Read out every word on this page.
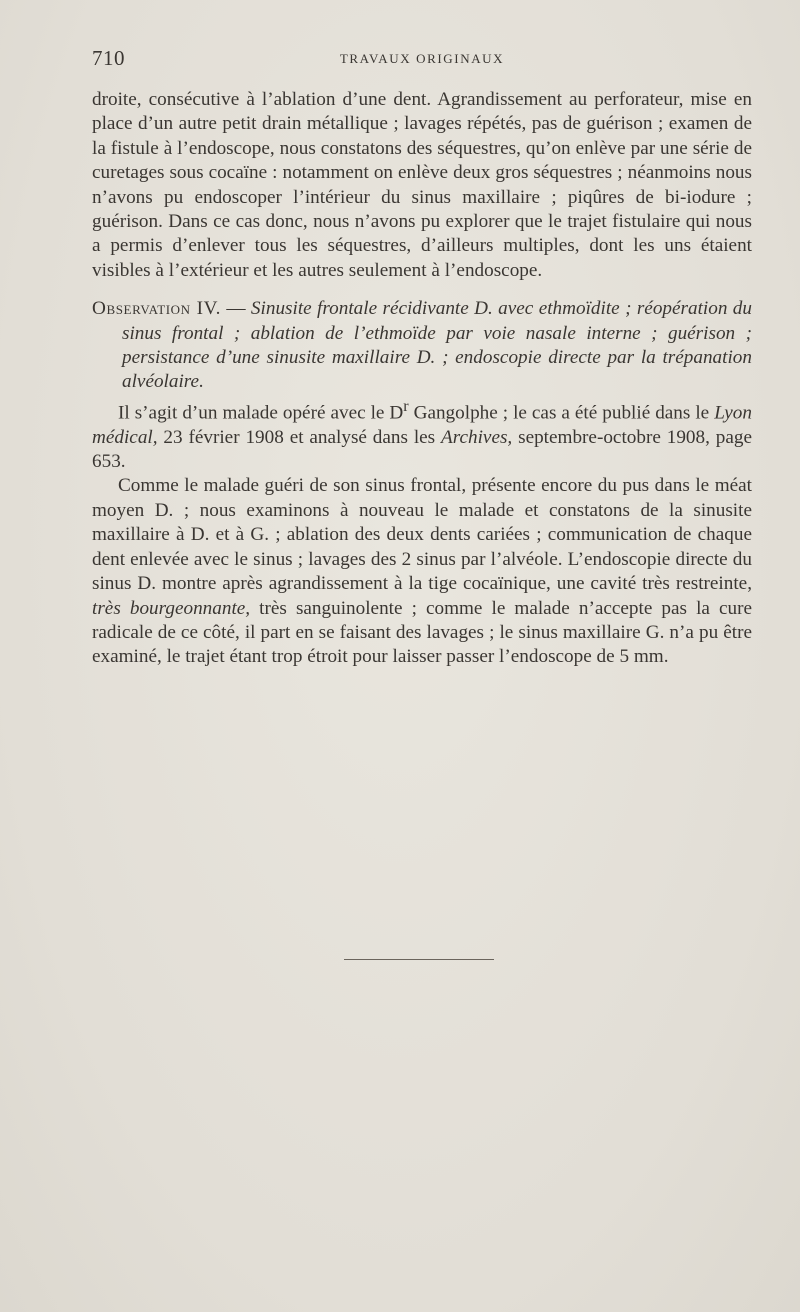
710	TRAVAUX ORIGINAUX

droite, consécutive à l’ablation d’une dent. Agrandissement au perforateur, mise en place d’un autre petit drain métallique ; lavages répétés, pas de guérison ; examen de la fistule à l’endoscope, nous constatons des séquestres, qu’on enlève par une série de curetages sous cocaïne : notamment on enlève deux gros séquestres ; néanmoins nous n’avons pu endoscoper l’intérieur du sinus maxillaire ; piqûres de bi-iodure ; guérison. Dans ce cas donc, nous n’avons pu explorer que le trajet fistulaire qui nous a permis d’enlever tous les séquestres, d’ailleurs multiples, dont les uns étaient visibles à l’extérieur et les autres seulement à l’endoscope.

Observation IV. — Sinusite frontale récidivante D. avec ethmoïdite ; réopération du sinus frontal ; ablation de l’ethmoïde par voie nasale interne ; guérison ; persistance d’une sinusite maxillaire D. ; endoscopie directe par la trépanation alvéolaire.

Il s’agit d’un malade opéré avec le $D^r$ Gangolphe ; le cas a été publié dans le Lyon médical, 23 février 1908 et analysé dans les Archives, septembre-octobre 1908, page 653.

Comme le malade guéri de son sinus frontal, présente encore du pus dans le méat moyen D. ; nous examinons à nouveau le malade et constatons de la sinusite maxillaire à D. et à G. ; ablation des deux dents cariées ; communication de chaque dent enlevée avec le sinus ; lavages des 2 sinus par l’alvéole. L’endoscopie directe du sinus D. montre après agrandissement à la tige cocaïnique, une cavité très restreinte, très bourgeonnante, très sanguinolente ; comme le malade n’accepte pas la cure radicale de ce côté, il part en se faisant des lavages ; le sinus maxillaire G. n’a pu être examiné, le trajet étant trop étroit pour laisser passer l’endoscope de 5 mm.
